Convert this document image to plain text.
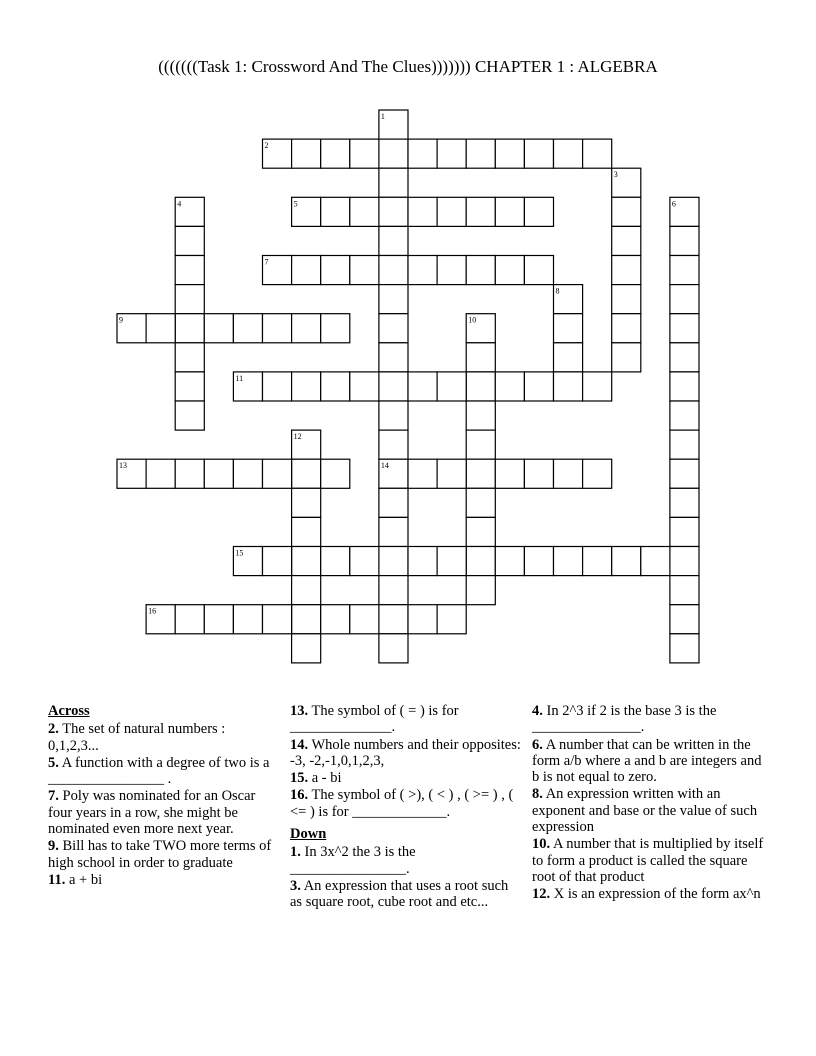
(((((((Task 1: Crossword And The Clues))))))) CHAPTER 1 : ALGEBRA
1
2
3
4	5	6
7
8
9	10
11
12
13	14
15
16
Across
2. The set of natural numbers : 0,1,2,3...
5. A function with a degree of two is a ________________ .
7. Poly was nominated for an Oscar four years in a row, she might be nominated even more next year.
9. Bill has to take TWO more terms of high school in order to graduate
11. a + bi
13. The symbol of ( = ) is for ______________.
14. Whole numbers and their opposites: -3, -2,-1,0,1,2,3,
15. a - bi
16. The symbol of ( >), ( < ) , ( >= ) , ( <= ) is for _____________.
Down
1. In 3x^2 the 3 is the ________________.
3. An expression that uses a root such as square root, cube root and etc...
4. In 2^3 if 2 is the base 3 is the _______________.
6. A number that can be written in the form a/b where a and b are integers and b is not equal to zero.
8. An expression written with an exponent and base or the value of such expression
10. A number that is multiplied by itself to form a product is called the square root of that product
12. X is an expression of the form ax^n
